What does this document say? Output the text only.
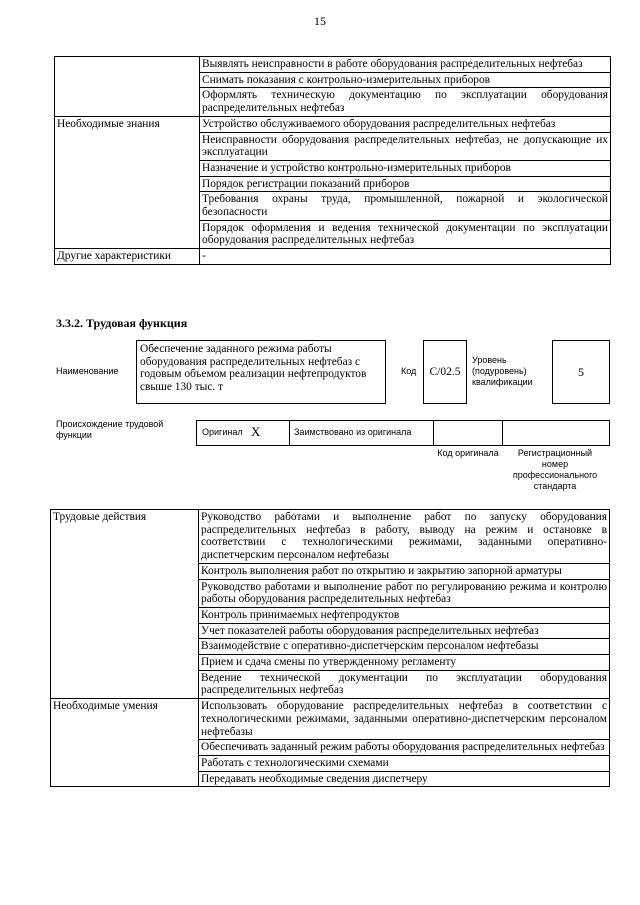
15
	Выявлять неисправности в работе оборудования распределительных нефтебаз
	Снимать показания с контрольно-измерительных приборов
	Оформлять техническую документацию по эксплуатации оборудования распределительных нефтебаз
Необходимые знания	Устройство обслуживаемого оборудования распределительных нефтебаз
	Неисправности оборудования распределительных нефтебаз, не допускающие их эксплуатации
	Назначение и устройство контрольно-измерительных приборов
	Порядок регистрации показаний приборов
	Требования охраны труда, промышленной, пожарной и экологической безопасности
	Порядок оформления и ведения технической документации по эксплуатации оборудования распределительных нефтебаз
Другие характеристики	-
3.3.2. Трудовая функция
Наименование
Обеспечение заданного режима работы оборудования распределительных нефтебаз с годовым объемом реализации нефтепродуктов свыше 130 тыс. т
Код	C/02.5
Уровень (подуровень) квалификации
5
Происхождение трудовой функции	Оригинал X	Заимствовано из оригинала
Код оригинала	Регистрационный номер профессионального стандарта
Трудовые действия	Руководство работами и выполнение работ по запуску оборудования распределительных нефтебаз в работу, выводу на режим и остановке в соответствии с технологическими режимами, заданными оперативно-диспетчерским персоналом нефтебазы
	Контроль выполнения работ по открытию и закрытию запорной арматуры
	Руководство работами и выполнение работ по регулированию режима и контролю работы оборудования распределительных нефтебаз
	Контроль принимаемых нефтепродуктов
	Учет показателей работы оборудования распределительных нефтебаз
	Взаимодействие с оперативно-диспетчерским персоналом нефтебазы
	Прием и сдача смены по утвержденному регламенту
	Ведение технической документации по эксплуатации оборудования распределительных нефтебаз
Необходимые умения	Использовать оборудование распределительных нефтебаз в соответствии с технологическими режимами, заданными оперативно-диспетчерским персоналом нефтебазы
	Обеспечивать заданный режим работы оборудования распределительных нефтебаз
	Работать с технологическими схемами
	Передавать необходимые сведения диспетчеру
